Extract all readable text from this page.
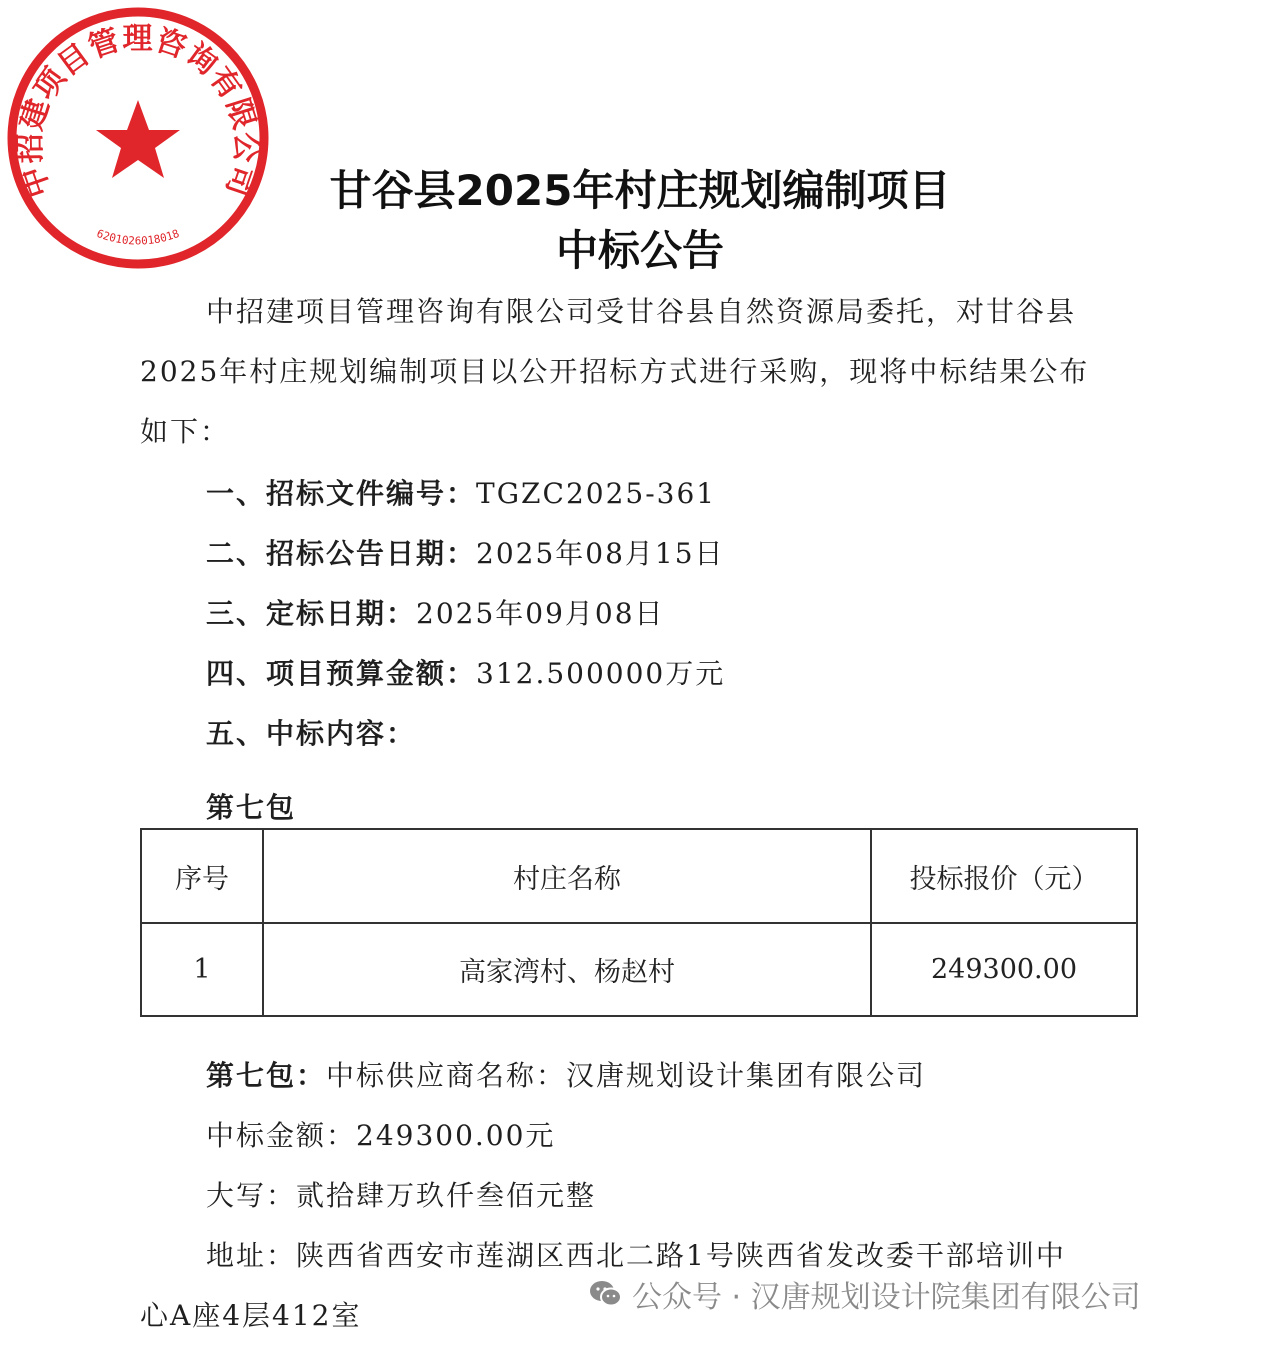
中招建项目管理咨询有限公司
6201026018018
甘谷县2025年村庄规划编制项目
中标公告
中招建项目管理咨询有限公司受甘谷县自然资源局委托，对甘谷县
2025年村庄规划编制项目以公开招标方式进行采购，现将中标结果公布
如下：
一、招标文件编号：TGZC2025-361
二、招标公告日期：2025年08月15日
三、定标日期：2025年09月08日
四、项目预算金额：312.500000万元
五、中标内容：
第七包
序号	村庄名称	投标报价（元）
1	高家湾村、杨赵村	249300.00
第七包：中标供应商名称：汉唐规划设计集团有限公司
中标金额：249300.00元
大写：贰拾肆万玖仟叁佰元整
地址：陕西省西安市莲湖区西北二路1号陕西省发改委干部培训中
心A座4层412室
公众号 · 汉唐规划设计院集团有限公司
